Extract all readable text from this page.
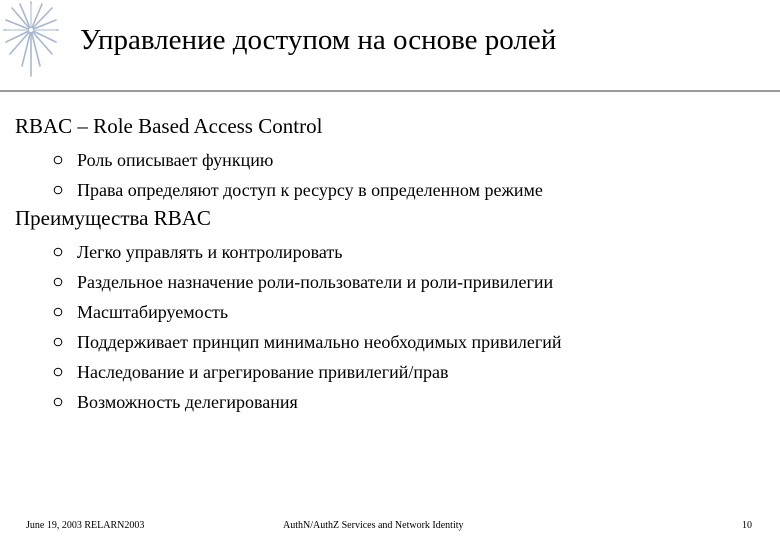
Управление доступом на основе ролей
RBAC – Role Based Access Control
Роль описывает функцию
Права определяют доступ к ресурсу в определенном режиме
Преимущества RBAC
Легко управлять и контролировать
Раздельное назначение роли-пользователи и роли-привилегии
Масштабируемость
Поддерживает принцип минимально необходимых привилегий
Наследование и агрегирование привилегий/прав
Возможность делегирования
June 19, 2003 RELARN2003	AuthN/AuthZ Services and Network Identity	10
